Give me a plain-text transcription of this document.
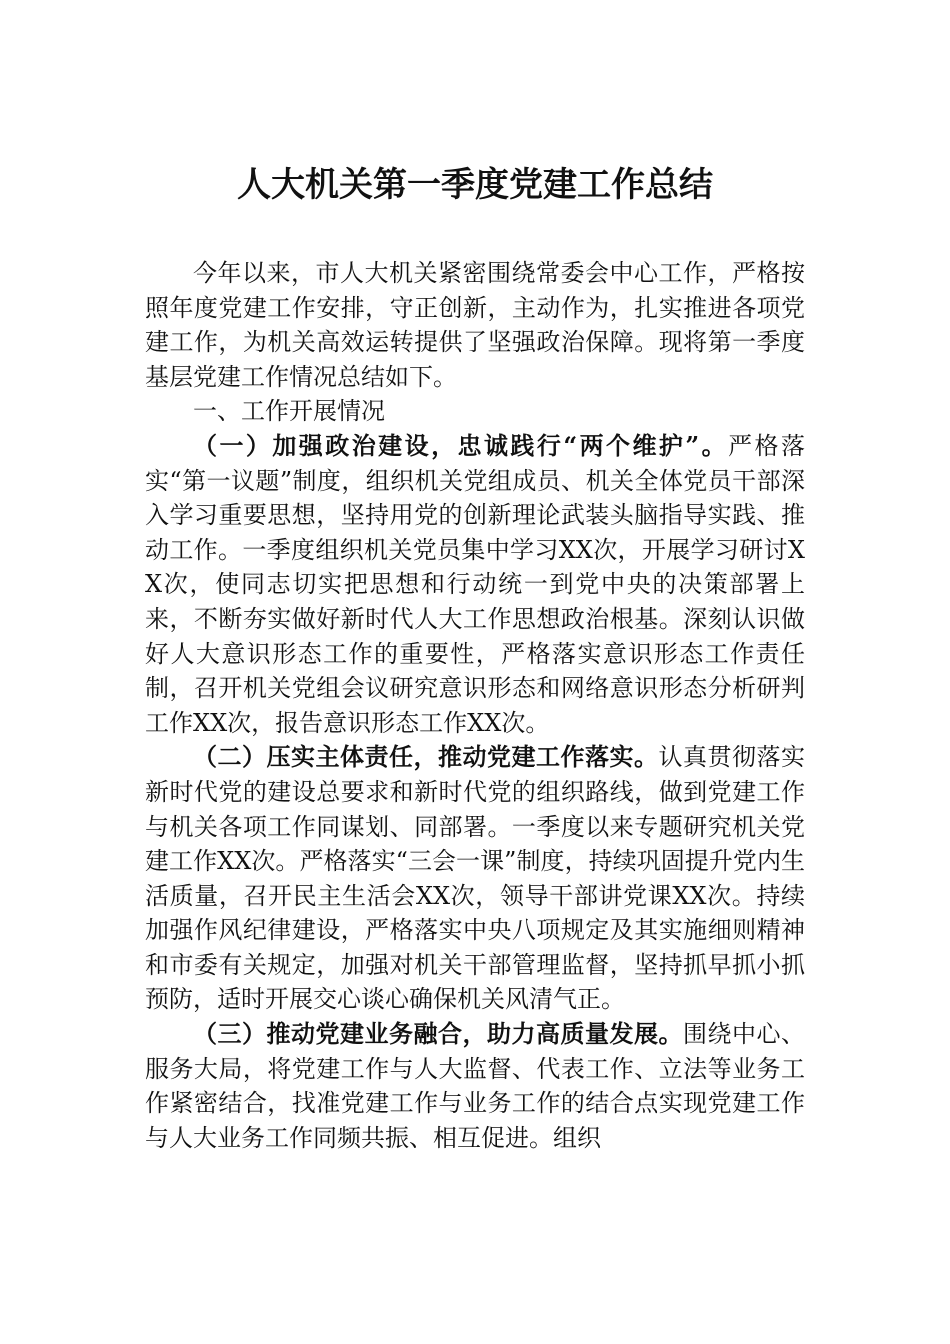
人大机关第一季度党建工作总结

今年以来，市人大机关紧密围绕常委会中心工作，严格按照年度党建工作安排，守正创新，主动作为，扎实推进各项党建工作，为机关高效运转提供了坚强政治保障。现将第一季度基层党建工作情况总结如下。

一、工作开展情况

（一）加强政治建设，忠诚践行“两个维护”。严格落实“第一议题”制度，组织机关党组成员、机关全体党员干部深入学习重要思想，坚持用党的创新理论武装头脑指导实践、推动工作。一季度组织机关党员集中学习XX次，开展学习研讨XX次，使同志切实把思想和行动统一到党中央的决策部署上来，不断夯实做好新时代人大工作思想政治根基。深刻认识做好人大意识形态工作的重要性，严格落实意识形态工作责任制，召开机关党组会议研究意识形态和网络意识形态分析研判工作XX次，报告意识形态工作XX次。

（二）压实主体责任，推动党建工作落实。认真贯彻落实新时代党的建设总要求和新时代党的组织路线，做到党建工作与机关各项工作同谋划、同部署。一季度以来专题研究机关党建工作XX次。严格落实“三会一课”制度，持续巩固提升党内生活质量，召开民主生活会XX次，领导干部讲党课XX次。持续加强作风纪律建设，严格落实中央八项规定及其实施细则精神和市委有关规定，加强对机关干部管理监督，坚持抓早抓小抓预防，适时开展交心谈心确保机关风清气正。

（三）推动党建业务融合，助力高质量发展。围绕中心、服务大局，将党建工作与人大监督、代表工作、立法等业务工作紧密结合，找准党建工作与业务工作的结合点实现党建工作与人大业务工作同频共振、相互促进。组织
